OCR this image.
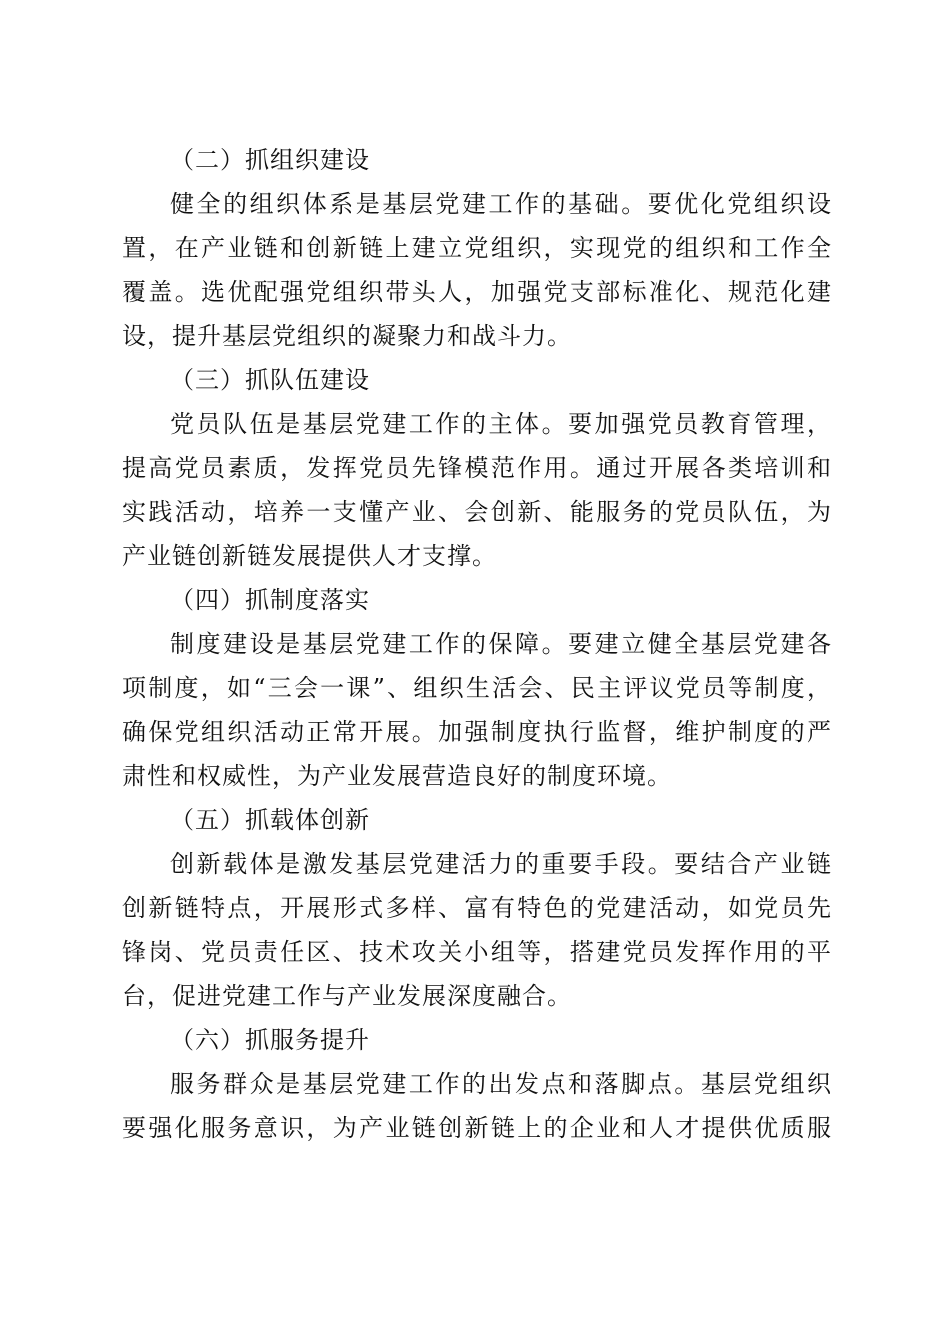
（二）抓组织建设
健全的组织体系是基层党建工作的基础。要优化党组织设
置，在产业链和创新链上建立党组织，实现党的组织和工作全
覆盖。选优配强党组织带头人，加强党支部标准化、规范化建
设，提升基层党组织的凝聚力和战斗力。
（三）抓队伍建设
党员队伍是基层党建工作的主体。要加强党员教育管理，
提高党员素质，发挥党员先锋模范作用。通过开展各类培训和
实践活动，培养一支懂产业、会创新、能服务的党员队伍，为
产业链创新链发展提供人才支撑。
（四）抓制度落实
制度建设是基层党建工作的保障。要建立健全基层党建各
项制度，如“三会一课”、组织生活会、民主评议党员等制度，
确保党组织活动正常开展。加强制度执行监督，维护制度的严
肃性和权威性，为产业发展营造良好的制度环境。
（五）抓载体创新
创新载体是激发基层党建活力的重要手段。要结合产业链
创新链特点，开展形式多样、富有特色的党建活动，如党员先
锋岗、党员责任区、技术攻关小组等，搭建党员发挥作用的平
台，促进党建工作与产业发展深度融合。
（六）抓服务提升
服务群众是基层党建工作的出发点和落脚点。基层党组织
要强化服务意识，为产业链创新链上的企业和人才提供优质服
